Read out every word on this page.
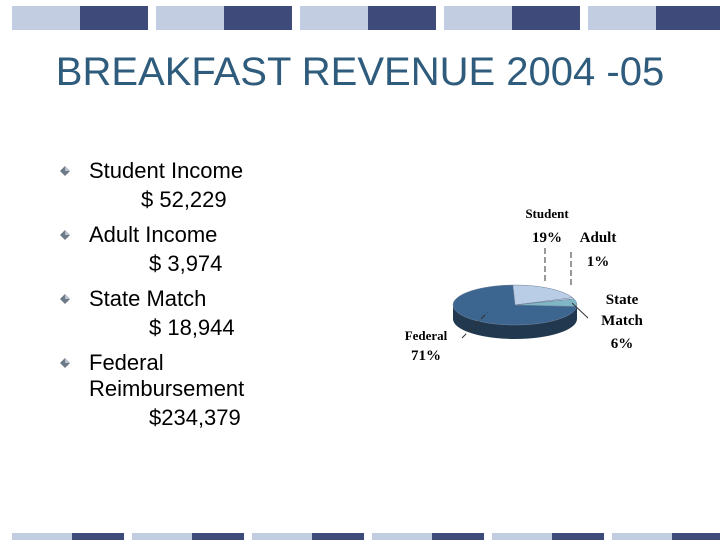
BREAKFAST REVENUE 2004 -05
Student Income
$ 52,229
Adult Income
$ 3,974
State Match
$ 18,944
Federal Reimbursement
$234,379
Student
19% Adult
1%
State Match
6%
Federal
71%
